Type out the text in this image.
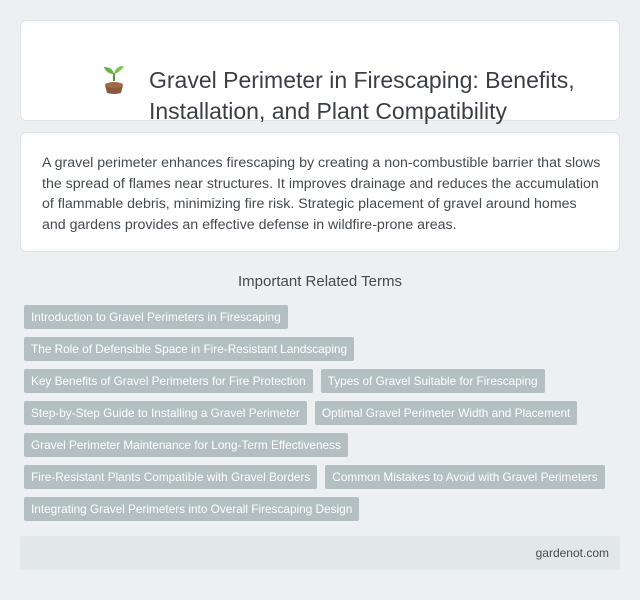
Gravel Perimeter in Firescaping: Benefits, Installation, and Plant Compatibility

A gravel perimeter enhances firescaping by creating a non-combustible barrier that slows the spread of flames near structures. It improves drainage and reduces the accumulation of flammable debris, minimizing fire risk. Strategic placement of gravel around homes and gardens provides an effective defense in wildfire-prone areas.

Important Related Terms
Introduction to Gravel Perimeters in Firescaping
The Role of Defensible Space in Fire-Resistant Landscaping
Key Benefits of Gravel Perimeters for Fire Protection	Types of Gravel Suitable for Firescaping
Step-by-Step Guide to Installing a Gravel Perimeter	Optimal Gravel Perimeter Width and Placement
Gravel Perimeter Maintenance for Long-Term Effectiveness
Fire-Resistant Plants Compatible with Gravel Borders	Common Mistakes to Avoid with Gravel Perimeters
Integrating Gravel Perimeters into Overall Firescaping Design
gardenot.com
